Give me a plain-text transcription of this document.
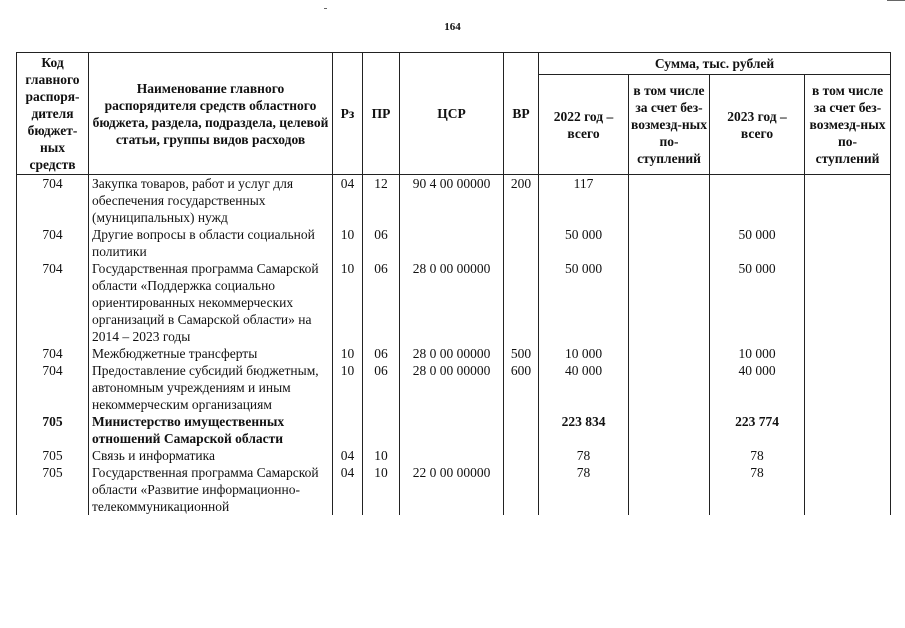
164
Код главного распоря-дителя бюджет-ных средств	Наименование главного распорядителя средств областного бюджета, раздела, подраздела, целевой статьи, группы видов расходов	Рз	ПР	ЦСР	ВР	Сумма, тыс. рублей			
						2022 год – всего	в том числе за счет без-возмезд-ных по-ступлений	2023 год – всего	в том числе за счет без-возмезд-ных по-ступлений
704	Закупка товаров, работ и услуг для обеспечения государственных (муниципальных) нужд	04	12	90 4 00 00000	200	117			
704	Другие вопросы в области социальной политики	10	06			50 000		50 000	
704	Государственная программа Самарской области «Поддержка социально ориентированных некоммерческих организаций в Самарской области» на 2014 – 2023 годы	10	06	28 0 00 00000		50 000		50 000	
704	Межбюджетные трансферты	10	06	28 0 00 00000	500	10 000		10 000	
704	Предоставление субсидий бюджетным, автономным учреждениям и иным некоммерческим организациям	10	06	28 0 00 00000	600	40 000		40 000	
705	Министерство имущественных отношений Самарской области					223 834		223 774	
705	Связь и информатика	04	10			78		78	
705	Государственная программа Самарской области «Развитие информационно-телекоммуникационной	04	10	22 0 00 00000		78		78	
